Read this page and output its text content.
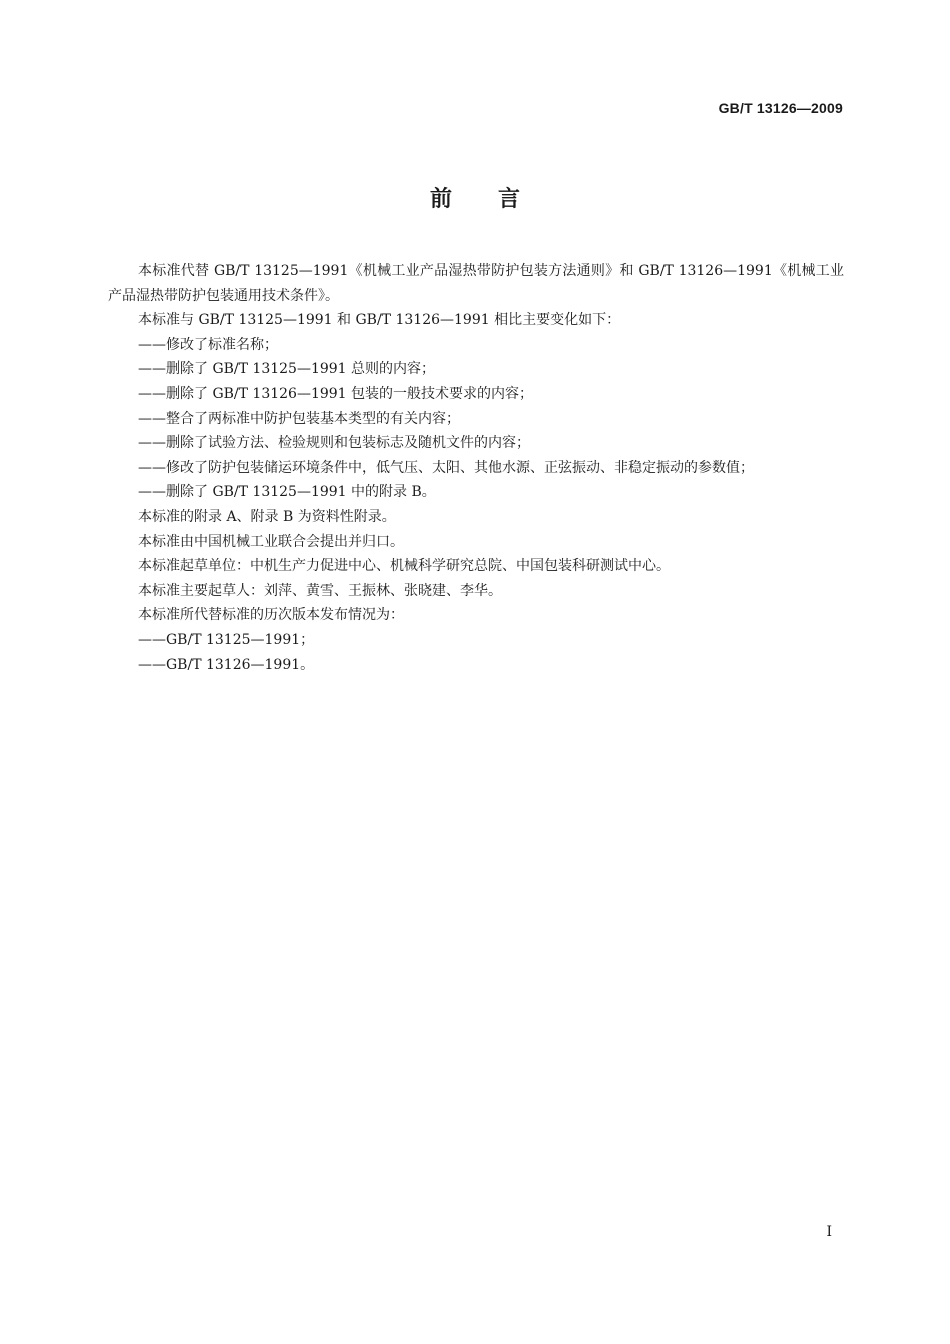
GB/T 13126—2009
前言

本标准代替 GB/T 13125—1991《机械工业产品湿热带防护包装方法通则》和 GB/T 13126—1991《机械工业产品湿热带防护包装通用技术条件》。

本标准与 GB/T 13125—1991 和 GB/T 13126—1991 相比主要变化如下：

——修改了标准名称；

——删除了 GB/T 13125—1991 总则的内容；

——删除了 GB/T 13126—1991 包装的一般技术要求的内容；

——整合了两标准中防护包装基本类型的有关内容；

——删除了试验方法、检验规则和包装标志及随机文件的内容；

——修改了防护包装储运环境条件中，低气压、太阳、其他水源、正弦振动、非稳定振动的参数值；

——删除了 GB/T 13125—1991 中的附录 B。

本标准的附录 A、附录 B 为资料性附录。

本标准由中国机械工业联合会提出并归口。

本标准起草单位：中机生产力促进中心、机械科学研究总院、中国包装科研测试中心。

本标准主要起草人：刘萍、黄雪、王振林、张晓建、李华。

本标准所代替标准的历次版本发布情况为：

——GB/T 13125—1991；

——GB/T 13126—1991。

I
